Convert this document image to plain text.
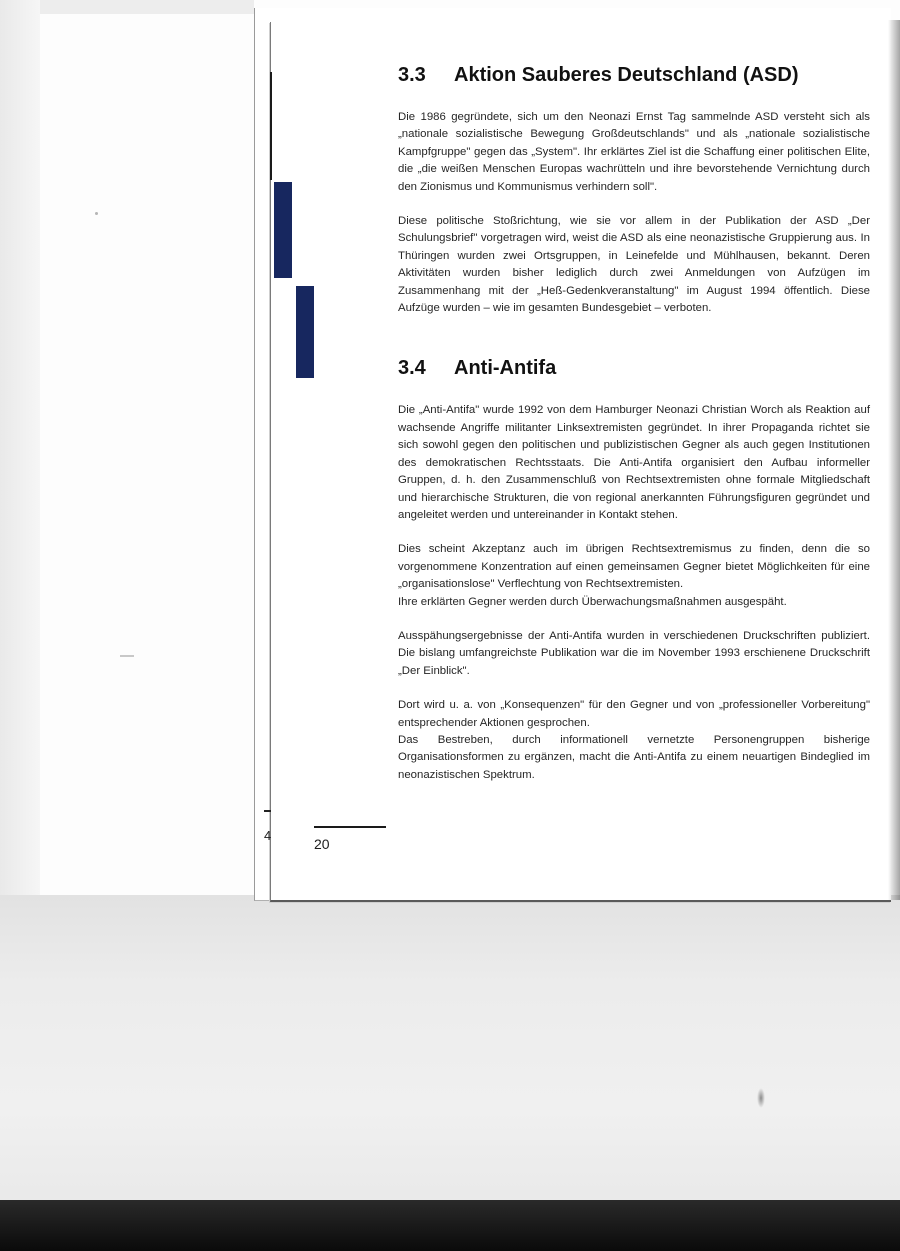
3.3	Aktion Sauberes Deutschland (ASD)

Die 1986 gegründete, sich um den Neonazi Ernst Tag sammelnde ASD versteht sich als „nationale sozialistische Bewegung Großdeutschlands" und als „nationale sozialistische Kampfgruppe" gegen das „System". Ihr erklärtes Ziel ist die Schaffung einer politischen Elite, die „die weißen Menschen Europas wachrütteln und ihre bevorstehende Vernichtung durch den Zionismus und Kommunismus verhindern soll".

Diese politische Stoßrichtung, wie sie vor allem in der Publikation der ASD „Der Schulungsbrief" vorgetragen wird, weist die ASD als eine neonazistische Gruppierung aus. In Thüringen wurden zwei Ortsgruppen, in Leinefelde und Mühlhausen, bekannt. Deren Aktivitäten wurden bisher lediglich durch zwei Anmeldungen von Aufzügen im Zusammenhang mit der „Heß-Gedenkveranstaltung" im August 1994 öffentlich. Diese Aufzüge wurden – wie im gesamten Bundesgebiet – verboten.

3.4	Anti-Antifa

Die „Anti-Antifa" wurde 1992 von dem Hamburger Neonazi Christian Worch als Reaktion auf wachsende Angriffe militanter Linksextremisten gegründet. In ihrer Propaganda richtet sie sich sowohl gegen den politischen und publizistischen Gegner als auch gegen Institutionen des demokratischen Rechtsstaats. Die Anti-Antifa organisiert den Aufbau informeller Gruppen, d. h. den Zusammenschluß von Rechtsextremisten ohne formale Mitgliedschaft und hierarchische Strukturen, die von regional anerkannten Führungsfiguren gegründet und angeleitet werden und untereinander in Kontakt stehen.

Dies scheint Akzeptanz auch im übrigen Rechtsextremismus zu finden, denn die so vorgenommene Konzentration auf einen gemeinsamen Gegner bietet Möglichkeiten für eine „organisationslose" Verflechtung von Rechtsextremisten.

Ihre erklärten Gegner werden durch Überwachungsmaßnahmen ausgespäht.

Ausspähungsergebnisse der Anti-Antifa wurden in verschiedenen Druckschriften publiziert. Die bislang umfangreichste Publikation war die im November 1993 erschienene Druckschrift „Der Einblick".

Dort wird u. a. von „Konsequenzen" für den Gegner und von „professioneller Vorbereitung" entsprechender Aktionen gesprochen.

Das Bestreben, durch informationell vernetzte Personengruppen bisherige Organisationsformen zu ergänzen, macht die Anti-Antifa zu einem neuartigen Bindeglied im neonazistischen Spektrum.

4
20
